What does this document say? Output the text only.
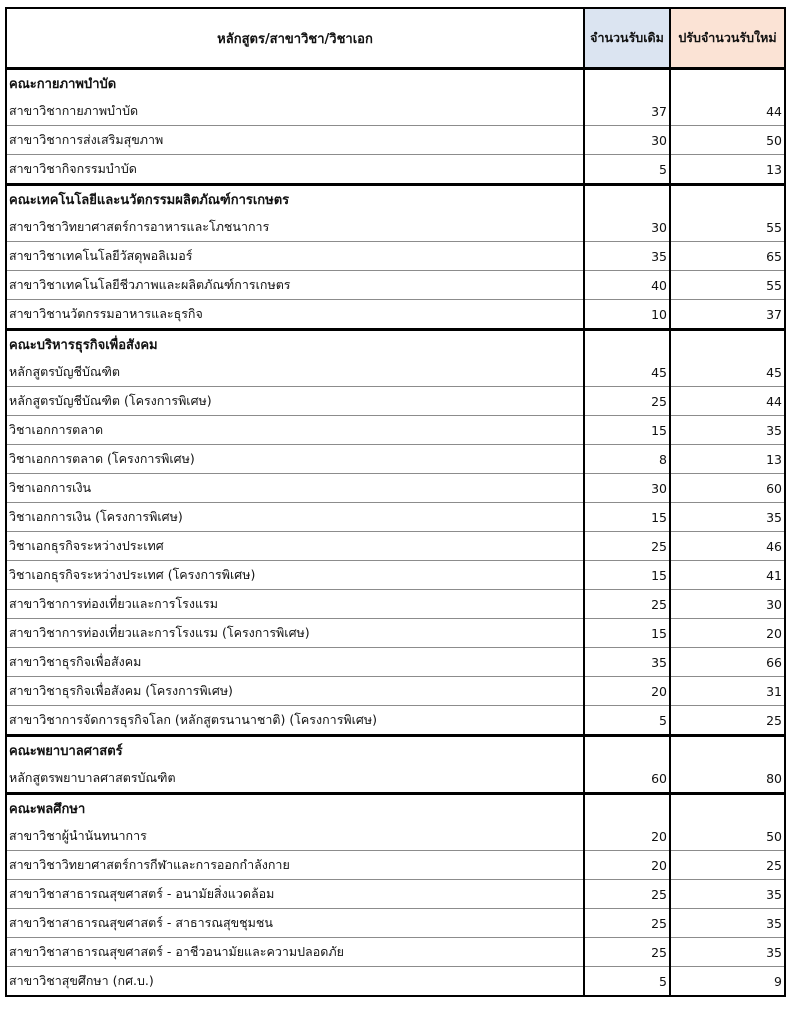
หลักสูตร/สาขาวิชา/วิชาเอก	จำนวนรับเดิม	ปรับจำนวนรับใหม่
คณะกายภาพบำบัด		
สาขาวิชากายภาพบำบัด	37	44
สาขาวิชาการส่งเสริมสุขภาพ	30	50
สาขาวิชากิจกรรมบำบัด	5	13
คณะเทคโนโลยีและนวัตกรรมผลิตภัณฑ์การเกษตร		
สาขาวิชาวิทยาศาสตร์การอาหารและโภชนาการ	30	55
สาขาวิชาเทคโนโลยีวัสดุพอลิเมอร์	35	65
สาขาวิชาเทคโนโลยีชีวภาพและผลิตภัณฑ์การเกษตร	40	55
สาขาวิชานวัตกรรมอาหารและธุรกิจ	10	37
คณะบริหารธุรกิจเพื่อสังคม		
หลักสูตรบัญชีบัณฑิต	45	45
หลักสูตรบัญชีบัณฑิต (โครงการพิเศษ)	25	44
วิชาเอกการตลาด	15	35
วิชาเอกการตลาด (โครงการพิเศษ)	8	13
วิชาเอกการเงิน	30	60
วิชาเอกการเงิน (โครงการพิเศษ)	15	35
วิชาเอกธุรกิจระหว่างประเทศ	25	46
วิชาเอกธุรกิจระหว่างประเทศ (โครงการพิเศษ)	15	41
สาขาวิชาการท่องเที่ยวและการโรงแรม	25	30
สาขาวิชาการท่องเที่ยวและการโรงแรม (โครงการพิเศษ)	15	20
สาขาวิชาธุรกิจเพื่อสังคม	35	66
สาขาวิชาธุรกิจเพื่อสังคม (โครงการพิเศษ)	20	31
สาขาวิชาการจัดการธุรกิจโลก (หลักสูตรนานาชาติ) (โครงการพิเศษ)	5	25
คณะพยาบาลศาสตร์		
หลักสูตรพยาบาลศาสตรบัณฑิต	60	80
คณะพลศึกษา		
สาขาวิชาผู้นำนันทนาการ	20	50
สาขาวิชาวิทยาศาสตร์การกีฬาและการออกกำลังกาย	20	25
สาขาวิชาสาธารณสุขศาสตร์ - อนามัยสิ่งแวดล้อม	25	35
สาขาวิชาสาธารณสุขศาสตร์ - สาธารณสุขชุมชน	25	35
สาขาวิชาสาธารณสุขศาสตร์ - อาชีวอนามัยและความปลอดภัย	25	35
สาขาวิชาสุขศึกษา (กศ.บ.)	5	9
